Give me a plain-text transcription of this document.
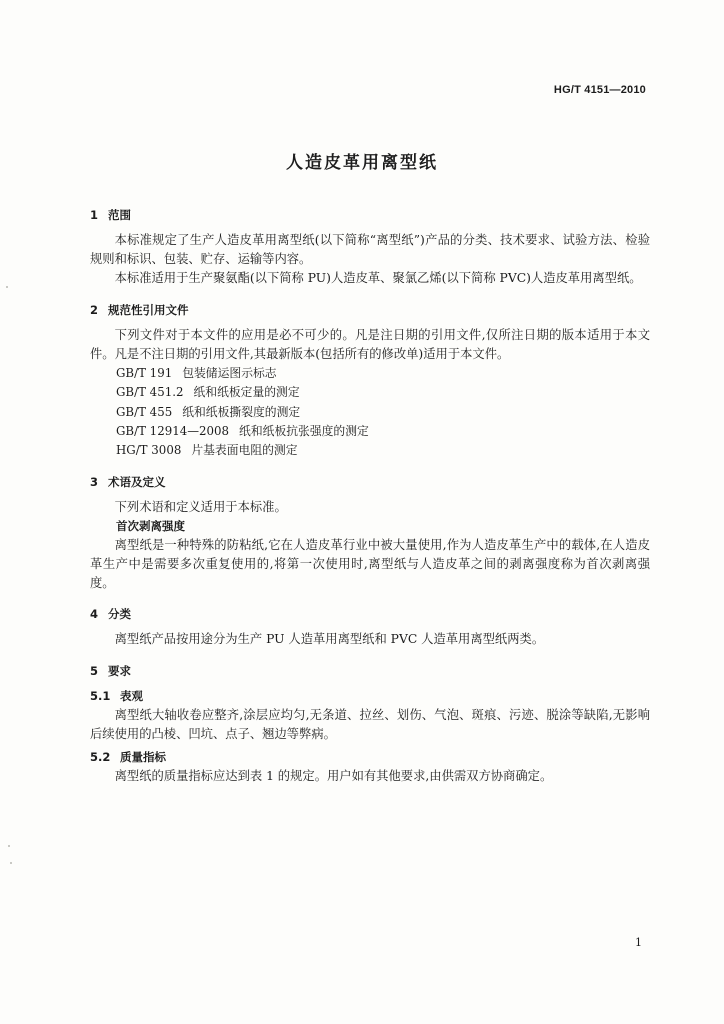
HG/T 4151—2010
人造皮革用离型纸
1 范围

本标准规定了生产人造皮革用离型纸(以下简称“离型纸”)产品的分类、技术要求、试验方法、检验规则和标识、包装、贮存、运输等内容。

本标准适用于生产聚氨酯(以下简称 PU)人造皮革、聚氯乙烯(以下简称 PVC)人造皮革用离型纸。

2 规范性引用文件

下列文件对于本文件的应用是必不可少的。凡是注日期的引用文件,仅所注日期的版本适用于本文件。凡是不注日期的引用文件,其最新版本(包括所有的修改单)适用于本文件。

GB/T 191 包装储运图示标志
GB/T 451.2 纸和纸板定量的测定
GB/T 455 纸和纸板撕裂度的测定
GB/T 12914—2008 纸和纸板抗张强度的测定
HG/T 3008 片基表面电阻的测定
3 术语及定义

下列术语和定义适用于本标准。

首次剥离强度

离型纸是一种特殊的防粘纸,它在人造皮革行业中被大量使用,作为人造皮革生产中的载体,在人造皮革生产中是需要多次重复使用的,将第一次使用时,离型纸与人造皮革之间的剥离强度称为首次剥离强度。

4 分类

离型纸产品按用途分为生产 PU 人造革用离型纸和 PVC 人造革用离型纸两类。

5 要求
5.1 表观

离型纸大轴收卷应整齐,涂层应均匀,无条道、拉丝、划伤、气泡、斑痕、污迹、脱涂等缺陷,无影响后续使用的凸棱、凹坑、点子、翘边等弊病。

5.2 质量指标

离型纸的质量指标应达到表 1 的规定。用户如有其他要求,由供需双方协商确定。

1
